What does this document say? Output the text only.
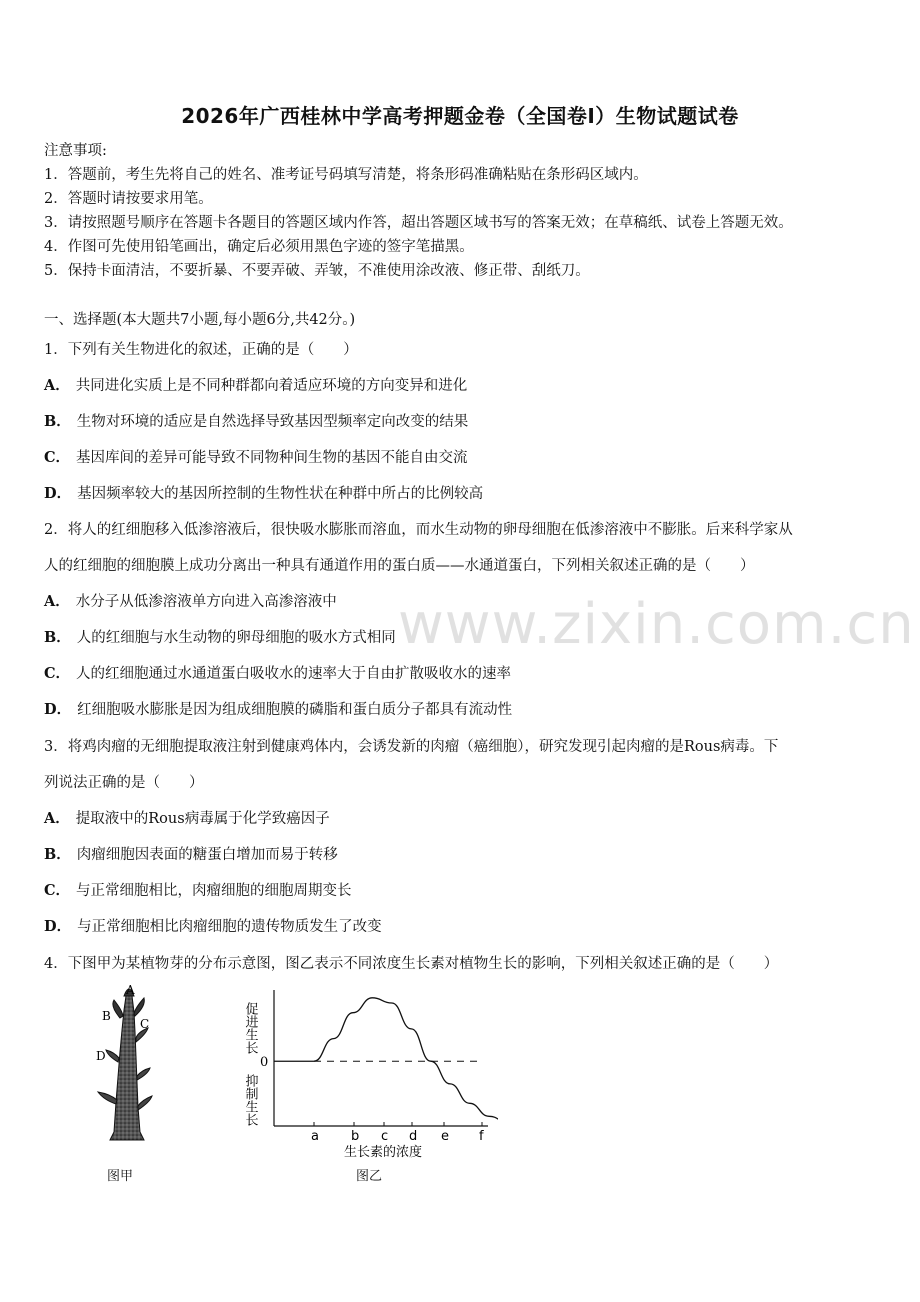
2026年广西桂林中学高考押题金卷（全国卷Ⅰ）生物试题试卷
注意事项:
1．答题前，考生先将自己的姓名、准考证号码填写清楚，将条形码准确粘贴在条形码区域内。
2．答题时请按要求用笔。
3．请按照题号顺序在答题卡各题目的答题区域内作答，超出答题区域书写的答案无效；在草稿纸、试卷上答题无效。
4．作图可先使用铅笔画出，确定后必须用黑色字迹的签字笔描黑。
5．保持卡面清洁，不要折暴、不要弄破、弄皱，不准使用涂改液、修正带、刮纸刀。
一、选择题(本大题共7小题,每小题6分,共42分。)
1．下列有关生物进化的叙述，正确的是（　　）
A． 共同进化实质上是不同种群都向着适应环境的方向变异和进化
B． 生物对环境的适应是自然选择导致基因型频率定向改变的结果
C． 基因库间的差异可能导致不同物种间生物的基因不能自由交流
D． 基因频率较大的基因所控制的生物性状在种群中所占的比例较高
2．将人的红细胞移入低渗溶液后，很快吸水膨胀而溶血，而水生动物的卵母细胞在低渗溶液中不膨胀。后来科学家从
人的红细胞的细胞膜上成功分离出一种具有通道作用的蛋白质——水通道蛋白，下列相关叙述正确的是（　　）
A． 水分子从低渗溶液单方向进入高渗溶液中
B． 人的红细胞与水生动物的卵母细胞的吸水方式相同
C． 人的红细胞通过水通道蛋白吸收水的速率大于自由扩散吸收水的速率
D． 红细胞吸水膨胀是因为组成细胞膜的磷脂和蛋白质分子都具有流动性
3．将鸡肉瘤的无细胞提取液注射到健康鸡体内，会诱发新的肉瘤（癌细胞），研究发现引起肉瘤的是Rous病毒。下
列说法正确的是（　　）
A． 提取液中的Rous病毒属于化学致癌因子
B． 肉瘤细胞因表面的糖蛋白增加而易于转移
C． 与正常细胞相比，肉瘤细胞的细胞周期变长
D． 与正常细胞相比肉瘤细胞的遗传物质发生了改变
4．下图甲为某植物芽的分布示意图，图乙表示不同浓度生长素对植物生长的影响，下列相关叙述正确的是（　　）
www.zixin.com.cn
A
B
C
D
图甲
促进生长
抑制生长
0
a b c d e f
生长素的浓度
图乙
